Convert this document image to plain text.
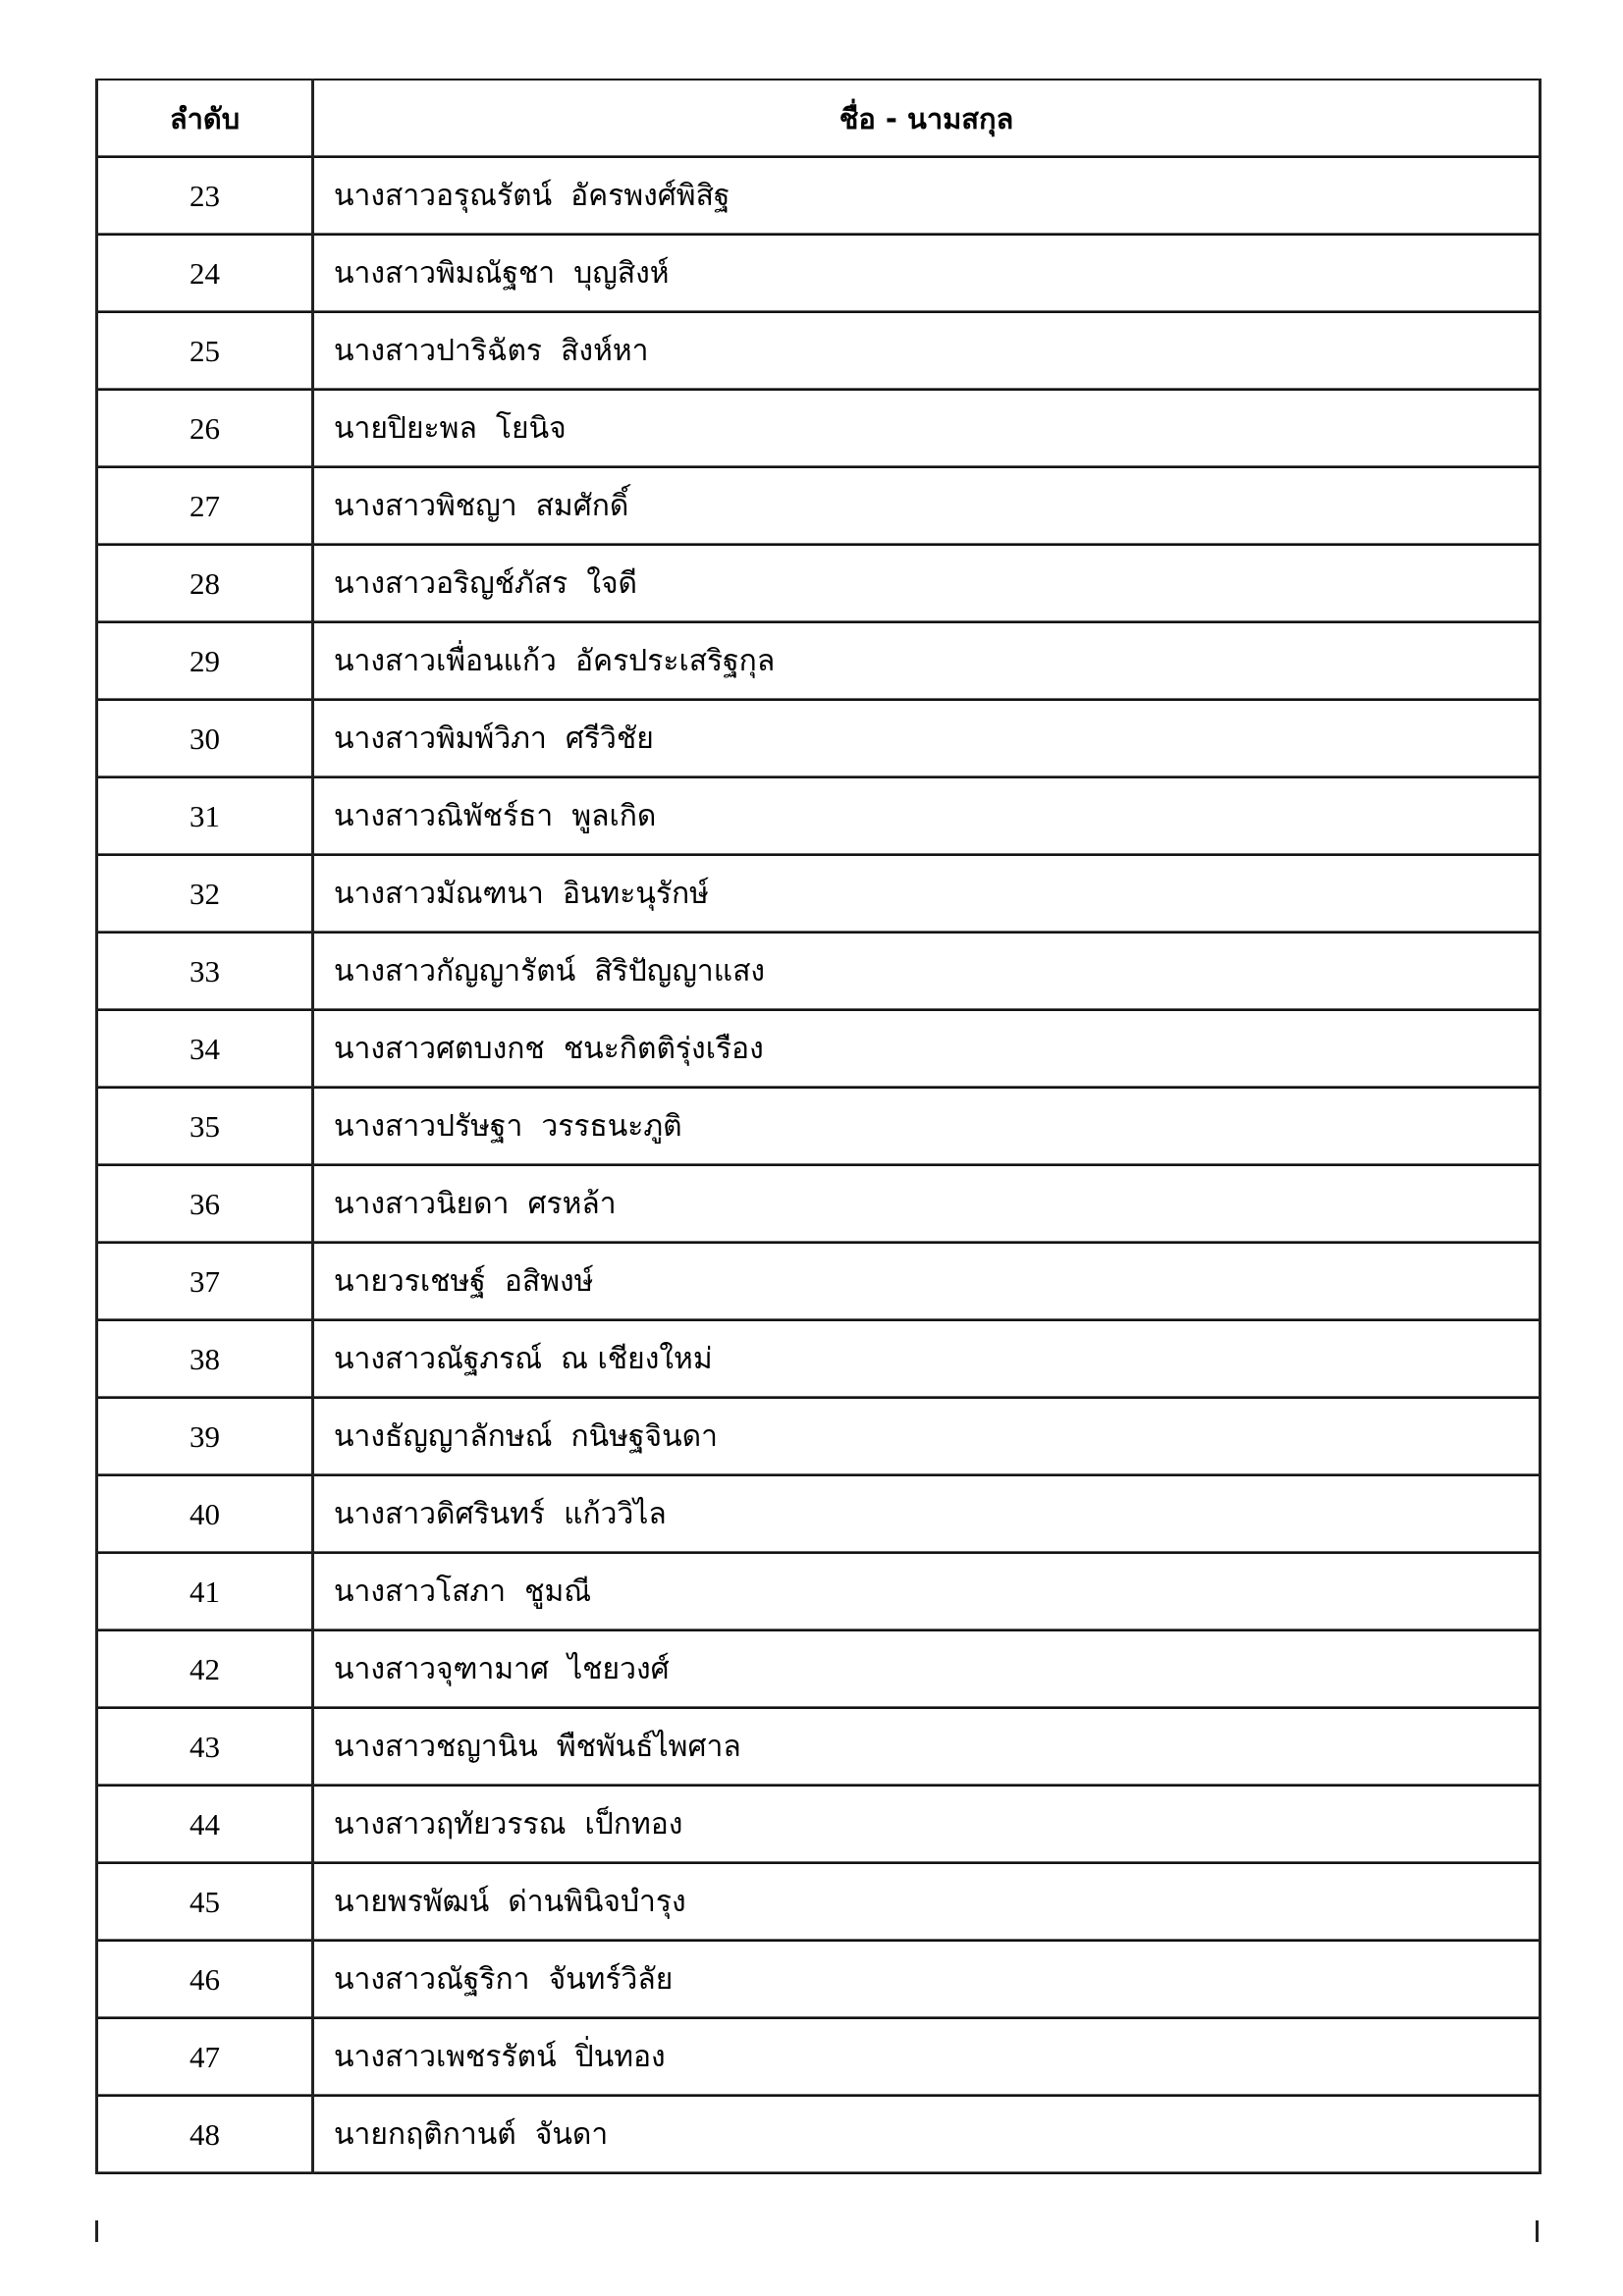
ลำดับ	ชื่อ - นามสกุล
23	นางสาวอรุณรัตน์  อัครพงศ์พิสิฐ
24	นางสาวพิมณัฐชา  บุญสิงห์
25	นางสาวปาริฉัตร  สิงห์หา
26	นายปิยะพล  โยนิจ
27	นางสาวพิชญา  สมศักดิ์
28	นางสาวอริญช์ภัสร  ใจดี
29	นางสาวเพื่อนแก้ว  อัครประเสริฐกุล
30	นางสาวพิมพ์วิภา  ศรีวิชัย
31	นางสาวณิพัชร์ธา  พูลเกิด
32	นางสาวมัณฑนา  อินทะนุรักษ์
33	นางสาวกัญญารัตน์  สิริปัญญาแสง
34	นางสาวศตบงกช  ชนะกิตติรุ่งเรือง
35	นางสาวปรัษฐา  วรรธนะภูติ
36	นางสาวนิยดา  ศรหล้า
37	นายวรเชษฐ์  อสิพงษ์
38	นางสาวณัฐภรณ์  ณ เชียงใหม่
39	นางธัญญาลักษณ์  กนิษฐจินดา
40	นางสาวดิศรินทร์  แก้ววิไล
41	นางสาวโสภา  ชูมณี
42	นางสาวจุฑามาศ  ไชยวงศ์
43	นางสาวชญานิน  พืชพันธ์ไพศาล
44	นางสาวฤทัยวรรณ  เป็กทอง
45	นายพรพัฒน์  ด่านพินิจบำรุง
46	นางสาวณัฐริกา  จันทร์วิลัย
47	นางสาวเพชรรัตน์  ปิ่นทอง
48	นายกฤติกานต์  จันดา
